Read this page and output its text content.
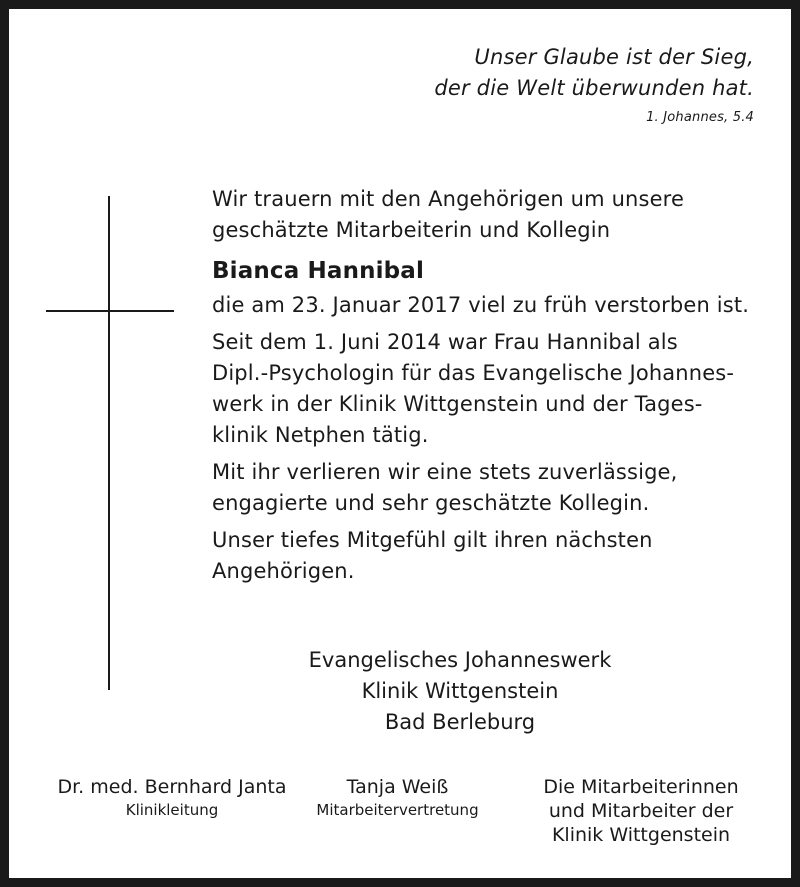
Unser Glaube ist der Sieg,
der die Welt überwunden hat.
1. Johannes, 5.4

Wir trauern mit den Angehörigen um unsere
geschätzte Mitarbeiterin und Kollegin

Bianca Hannibal

die am 23. Januar 2017 viel zu früh verstorben ist.

Seit dem 1. Juni 2014 war Frau Hannibal als
Dipl.-Psychologin für das Evangelische Johannes-
werk in der Klinik Wittgenstein und der Tages-
klinik Netphen tätig.

Mit ihr verlieren wir eine stets zuverlässige,
engagierte und sehr geschätzte Kollegin.

Unser tiefes Mitgefühl gilt ihren nächsten
Angehörigen.

Evangelisches Johanneswerk
Klinik Wittgenstein
Bad Berleburg
Dr. med. Bernhard Janta
Klinikleitung
Tanja Weiß
Mitarbeitervertretung
Die Mitarbeiterinnen
und Mitarbeiter der
Klinik Wittgenstein
